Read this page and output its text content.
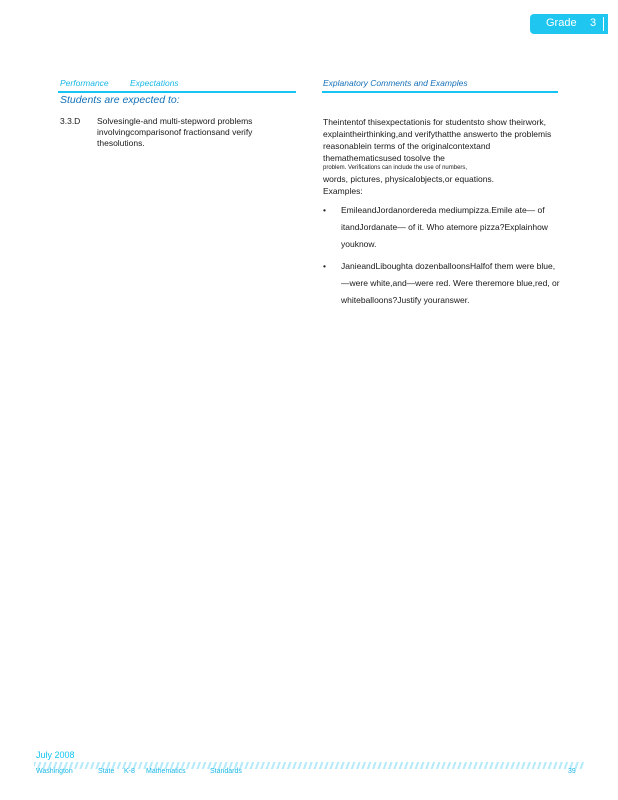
Grade 3
Performance	Expectations	Explanatory Comments and Examples
Students are expected to:
3.3.D Solvesingle-and multi-stepword problems involvingcomparisonof fractionsand verify thesolutions.

Theintentof thisexpectationis for studentsto show theirwork, explaintheirthinking,and verifythatthe answerto the problemis reasonablein terms of the originalcontextand themathematicsused tosolve the

problem. Verifications can include the use of numbers,

words, pictures, physicalobjects,or equations.

Examples:

• EmileandJordanordereda mediumpizza.Emile ate— of itandJordanate— of it. Who atemore pizza?Explainhow youknow.
• JanieandLiboughta dozenballoonsHalfof them were blue,—were white,and—were red. Were theremore blue,red, or whiteballoons?Justify youranswer.
July 2008
Washington	State K-8 Mathematics	Standards	39
